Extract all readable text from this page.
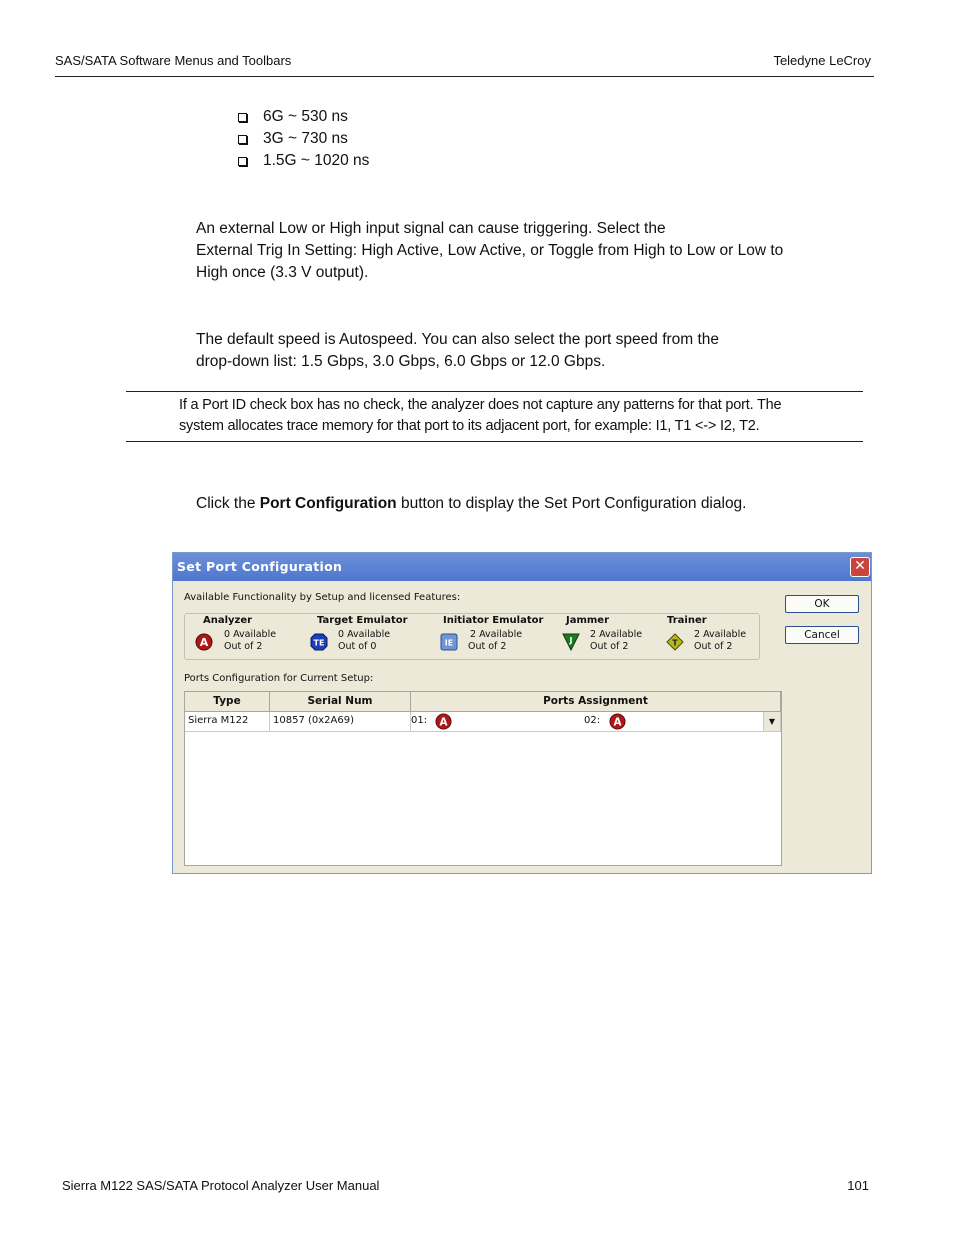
SAS/SATA Software Menus and Toolbars	Teledyne LeCroy
6G ~ 530 ns
3G ~ 730 ns
1.5G ~ 1020 ns
An external Low or High input signal can cause triggering. Select the
External Trig In Setting: High Active, Low Active, or Toggle from High to Low or Low to
High once (3.3 V output).
The default speed is Autospeed. You can also select the port speed from the
drop-down list: 1.5 Gbps, 3.0 Gbps, 6.0 Gbps or 12.0 Gbps.
If a Port ID check box has no check, the analyzer does not capture any patterns for that port. The
system allocates trace memory for that port to its adjacent port, for example: I1, T1 <-> I2, T2.
Click the Port Configuration button to display the Set Port Configuration dialog.
Set Port Configuration	✕
Available Functionality by Setup and licensed Features:
OK
Cancel
Analyzer
A
0 Available
Out of 2
Target Emulator
TE
0 Available
Out of 0
Initiator Emulator
IE
2 Available
Out of 2
Jammer
J
2 Available
Out of 2
Trainer
T
2 Available
Out of 2
Ports Configuration for Current Setup:
Type	Serial Num	Ports Assignment
Sierra M122	10857 (0x2A69)	01: A	02: A	▼
Sierra M122 SAS/SATA Protocol Analyzer User Manual	101
